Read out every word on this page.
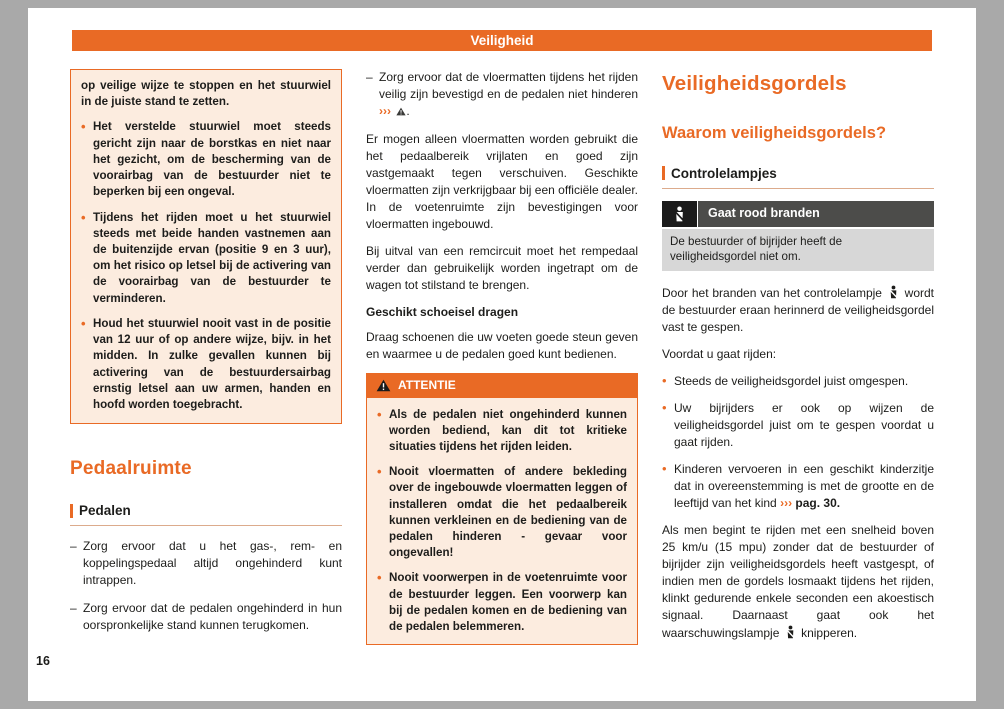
Veiligheid

op veilige wijze te stoppen en het stuurwiel in de juiste stand te zetten.

• Het verstelde stuurwiel moet steeds gericht zijn naar de borstkas en niet naar het gezicht, om de bescherming van de voorairbag van de bestuurder niet te beperken bij een ongeval.

• Tijdens het rijden moet u het stuurwiel steeds met beide handen vastnemen aan de buitenzijde ervan (positie 9 en 3 uur), om het risico op letsel bij de activering van de voorairbag van de bestuurder te verminderen.

• Houd het stuurwiel nooit vast in de positie van 12 uur of op andere wijze, bijv. in het midden. In zulke gevallen kunnen bij activering van de bestuurdersairbag ernstig letsel aan uw armen, handen en hoofd worden toegebracht.

Pedaalruimte
Pedalen
– Zorg ervoor dat u het gas-, rem- en koppelingspedaal altijd ongehinderd kunt intrappen.
– Zorg ervoor dat de pedalen ongehinderd in hun oorspronkelijke stand kunnen terugkomen.
– Zorg ervoor dat de vloermatten tijdens het rijden veilig zijn bevestigd en de pedalen niet hinderen ››› .

Er mogen alleen vloermatten worden gebruikt die het pedaalbereik vrijlaten en goed zijn vastgemaakt tegen verschuiven. Geschikte vloermatten zijn verkrijgbaar bij een officiële dealer. In de voetenruimte zijn bevestigingen voor vloermatten ingebouwd.

Bij uitval van een remcircuit moet het rempedaal verder dan gebruikelijk worden ingetrapt om de wagen tot stilstand te brengen.

Geschikt schoeisel dragen

Draag schoenen die uw voeten goede steun geven en waarmee u de pedalen goed kunt bedienen.

ATTENTIE

• Als de pedalen niet ongehinderd kunnen worden bediend, kan dit tot kritieke situaties tijdens het rijden leiden.

• Nooit vloermatten of andere bekleding over de ingebouwde vloermatten leggen of installeren omdat die het pedaalbereik kunnen verkleinen en de bediening van de pedalen hinderen - gevaar voor ongevallen!

• Nooit voorwerpen in de voetenruimte voor de bestuurder leggen. Een voorwerp kan bij de pedalen komen en de bediening van de pedalen belemmeren.

Veiligheidsgordels
Waarom veiligheidsgordels?
Controlelampjes
Gaat rood branden
De bestuurder of bijrijder heeft de veiligheidsgordel niet om.

Door het branden van het controlelampje wordt de bestuurder eraan herinnerd de veiligheidsgordel vast te gespen.

Voordat u gaat rijden:

• Steeds de veiligheidsgordel juist omgespen.

• Uw bijrijders er ook op wijzen de veiligheidsgordel juist om te gespen voordat u gaat rijden.

• Kinderen vervoeren in een geschikt kinderzitje dat in overeenstemming is met de grootte en de leeftijd van het kind ››› pag. 30.

Als men begint te rijden met een snelheid boven 25 km/u (15 mpu) zonder dat de bestuurder of bijrijder zijn veiligheidsgordels heeft vastgespt, of indien men de gordels losmaakt tijdens het rijden, klinkt gedurende enkele seconden een akoestisch signaal. Daarnaast gaat ook het waarschuwingslampje knipperen.

16
